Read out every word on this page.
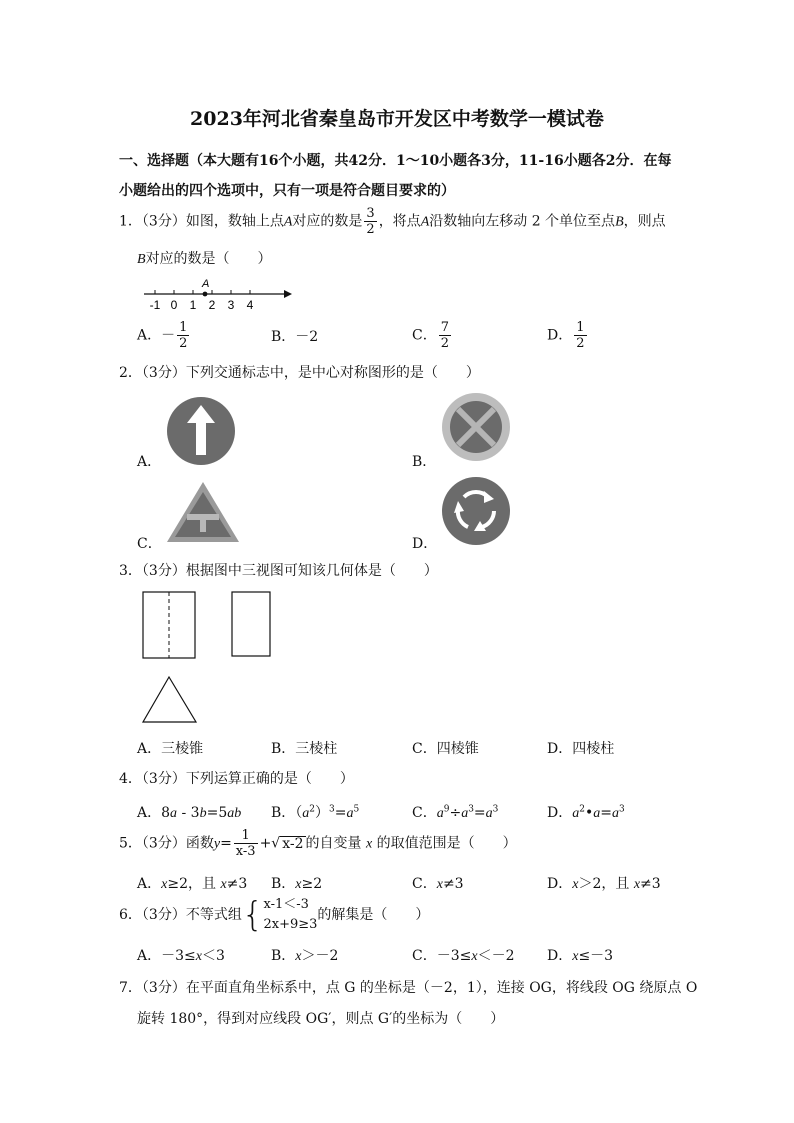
2023年河北省秦皇岛市开发区中考数学一模试卷
一、选择题（本大题有16个小题，共42分．1～10小题各3分，11-16小题各2分．在每
小题给出的四个选项中，只有一项是符合题目要求的）
1．（3分）如图，数轴上点A对应的数是 $\frac{3}{2}$ ，将点A沿数轴向左移动 2 个单位至点B，则点
B对应的数是（　　）
-1 0 1 2 3 4
A
A．－ $\frac{1}{2}$	B．－2	C． $\frac{7}{2}$	D． $\frac{1}{2}$
2．（3分）下列交通标志中，是中心对称图形的是（　　）
A．	B．
C．	D．
3．（3分）根据图中三视图可知该几何体是（　　）
A．三棱锥	B．三棱柱	C．四棱锥	D．四棱柱
4．（3分）下列运算正确的是（　　）
A．8a - 3b=5ab B．$(a^2)^3=a^5$	C．$a^9\div a^3=a^3$	D．$a^2•a=a^3$
5．（3分）函数$y= \frac{1}{x-3}$ +√ x-2 的自变量 x 的取值范围是（　　）
A．x≥2，且 x≠3 B．x≥2	C．x≠3	D．x＞2，且 x≠3
6．（3分）不等式组{ x-1＜-3
2x+9≥3
的解集是（　　）
A．－3≤x＜3	B．x＞－2	C．－3≤x＜－2 D．x≤－3
7．（3分）在平面直角坐标系中，点 G 的坐标是（－2，1），连接 OG，将线段 OG 绕原点 O
旋转 180°，得到对应线段 OG′，则点 G′的坐标为（　　）
